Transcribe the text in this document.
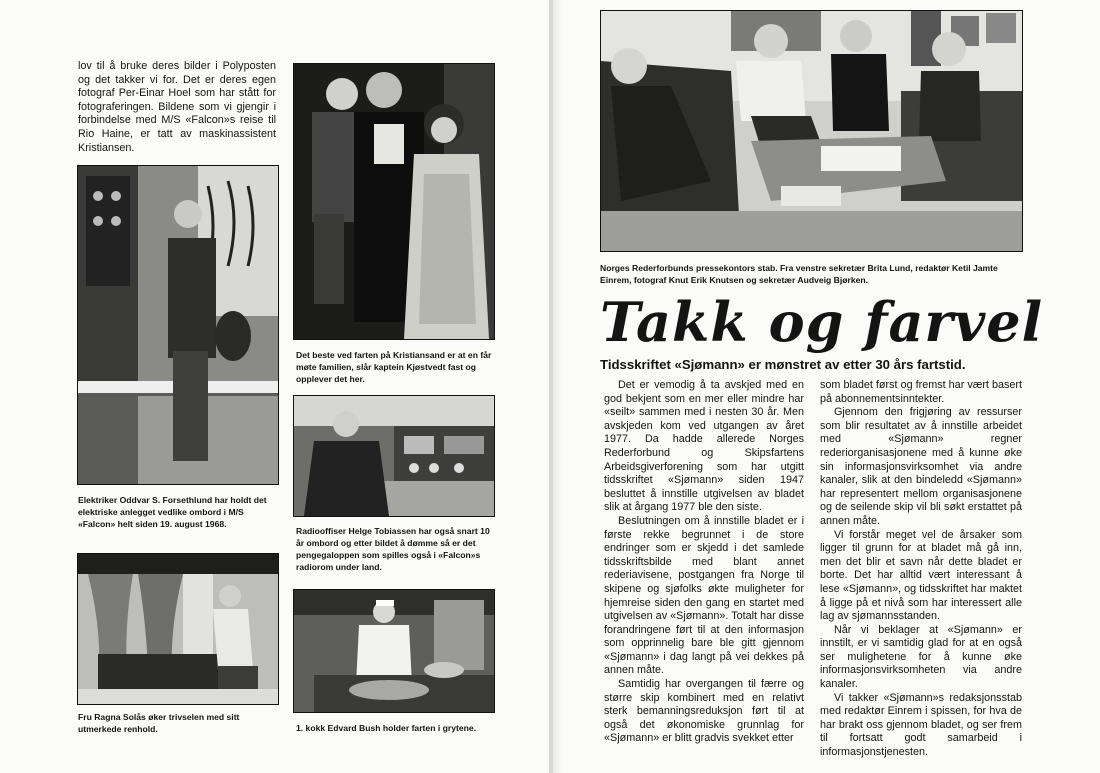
lov til å bruke deres bilder i Polyposten og det takker vi for. Det er deres egen fotograf Per-Einar Hoel som har stått for fotograferingen. Bildene som vi gjengir i forbindelse med M/S «Falcon»s reise til Rio Haine, er tatt av maskinassistent Kristiansen.
Elektriker Oddvar S. Forsethlund har holdt det elektriske anlegget vedlike ombord i M/S «Falcon» helt siden 19. august 1968.
Det beste ved farten på Kristiansand er at en får møte familien, slår kaptein Kjøstvedt fast og opplever det her.
Radiooffiser Helge Tobiassen har også snart 10 år ombord og etter bildet å dømme så er det pengegaloppen som spilles også i «Falcon»s radiorom under land.
Fru Ragna Solås øker trivselen med sitt utmerkede renhold.	1. kokk Edvard Bush holder farten i grytene.
Norges Rederforbunds pressekontors stab. Fra venstre sekretær Brita Lund, redaktør Ketil Jamte Einrem, fotograf Knut Erik Knutsen og sekretær Audveig Bjørken.
Takk og farvel
Tidsskriftet «Sjømann» er mønstret av etter 30 års fartstid.

Det er vemodig å ta avskjed med en god bekjent som en mer eller mindre har «seilt» sammen med i nesten 30 år. Men avskjeden kom ved utgangen av året 1977. Da hadde allerede Norges Rederforbund og Skipsfartens Arbeidsgiverforening som har utgitt tidsskriftet «Sjømann» siden 1947 besluttet å innstille utgivelsen av bladet slik at årgang 1977 ble den siste.

Beslutningen om å innstille bladet er i første rekke begrunnet i de store endringer som er skjedd i det samlede tidsskriftsbilde med blant annet rederiavisene, postgangen fra Norge til skipene og sjøfolks økte muligheter for hjemreise siden den gang en startet med utgivelsen av «Sjømann». Totalt har disse forandringene ført til at den informasjon som opprinnelig bare ble gitt gjennom «Sjømann» i dag langt på vei dekkes på annen måte.

Samtidig har overgangen til færre og større skip kombinert med en relativt sterk bemanningsreduksjon ført til at også det økonomiske grunnlag for «Sjømann» er blitt gradvis svekket etter

som bladet først og fremst har vært basert på abonnementsinntekter.

Gjennom den frigjøring av ressurser som blir resultatet av å innstille arbeidet med «Sjømann» regner rederiorganisasjonene med å kunne øke sin informasjonsvirksomhet via andre kanaler, slik at den bindeledd «Sjømann» har representert mellom organisasjonene og de seilende skip vil bli søkt erstattet på annen måte.

Vi forstår meget vel de årsaker som ligger til grunn for at bladet må gå inn, men det blir et savn når dette bladet er borte. Det har alltid vært interessant å lese «Sjømann», og tidsskriftet har maktet å ligge på et nivå som har interessert alle lag av sjømannsstanden.

Når vi beklager at «Sjømann» er innstilt, er vi samtidig glad for at en også ser mulighetene for å kunne øke informasjonsvirksomheten via andre kanaler.

Vi takker «Sjømann»s redaksjonsstab med redaktør Einrem i spissen, for hva de har brakt oss gjennom bladet, og ser frem til fortsatt godt samarbeid i informasjonstjenesten.
